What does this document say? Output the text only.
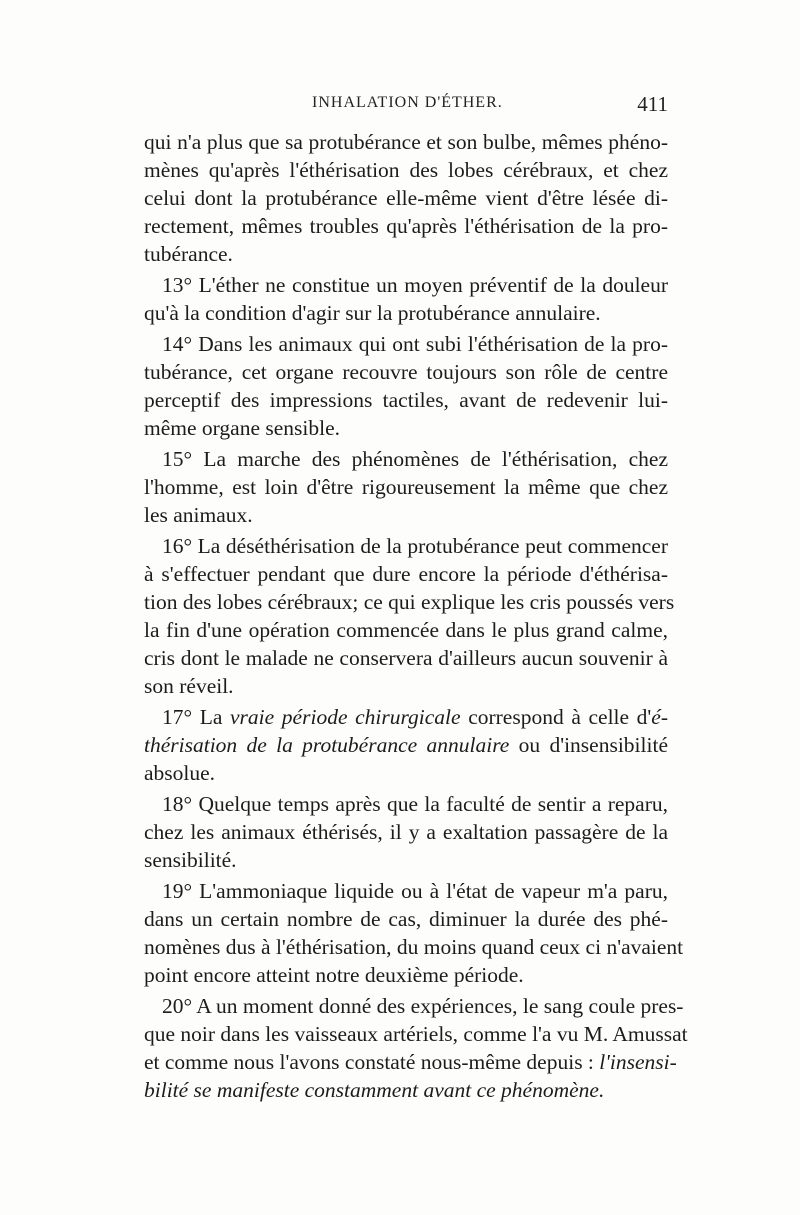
INHALATION D'ÉTHER.	411
qui n'a plus que sa protubérance et son bulbe, mêmes phéno-
mènes qu'après l'éthérisation des lobes cérébraux, et chez
celui dont la protubérance elle-même vient d'être lésée di-
rectement, mêmes troubles qu'après l'éthérisation de la pro-
tubérance.
13° L'éther ne constitue un moyen préventif de la douleur
qu'à la condition d'agir sur la protubérance annulaire.
14° Dans les animaux qui ont subi l'éthérisation de la pro-
tubérance, cet organe recouvre toujours son rôle de centre
perceptif des impressions tactiles, avant de redevenir lui-
même organe sensible.
15° La marche des phénomènes de l'éthérisation, chez
l'homme, est loin d'être rigoureusement la même que chez
les animaux.
16° La déséthérisation de la protubérance peut commencer
à s'effectuer pendant que dure encore la période d'éthérisa-
tion des lobes cérébraux; ce qui explique les cris poussés vers
la fin d'une opération commencée dans le plus grand calme,
cris dont le malade ne conservera d'ailleurs aucun souvenir à
son réveil.
17° La vraie période chirurgicale correspond à celle d'é-
thérisation de la protubérance annulaire ou d'insensibilité
absolue.
18° Quelque temps après que la faculté de sentir a reparu,
chez les animaux éthérisés, il y a exaltation passagère de la
sensibilité.
19° L'ammoniaque liquide ou à l'état de vapeur m'a paru,
dans un certain nombre de cas, diminuer la durée des phé-
nomènes dus à l'éthérisation, du moins quand ceux ci n'avaient
point encore atteint notre deuxième période.
20° A un moment donné des expériences, le sang coule pres-
que noir dans les vaisseaux artériels, comme l'a vu M. Amussat
et comme nous l'avons constaté nous-même depuis : l'insensi-
bilité se manifeste constamment avant ce phénomène.
